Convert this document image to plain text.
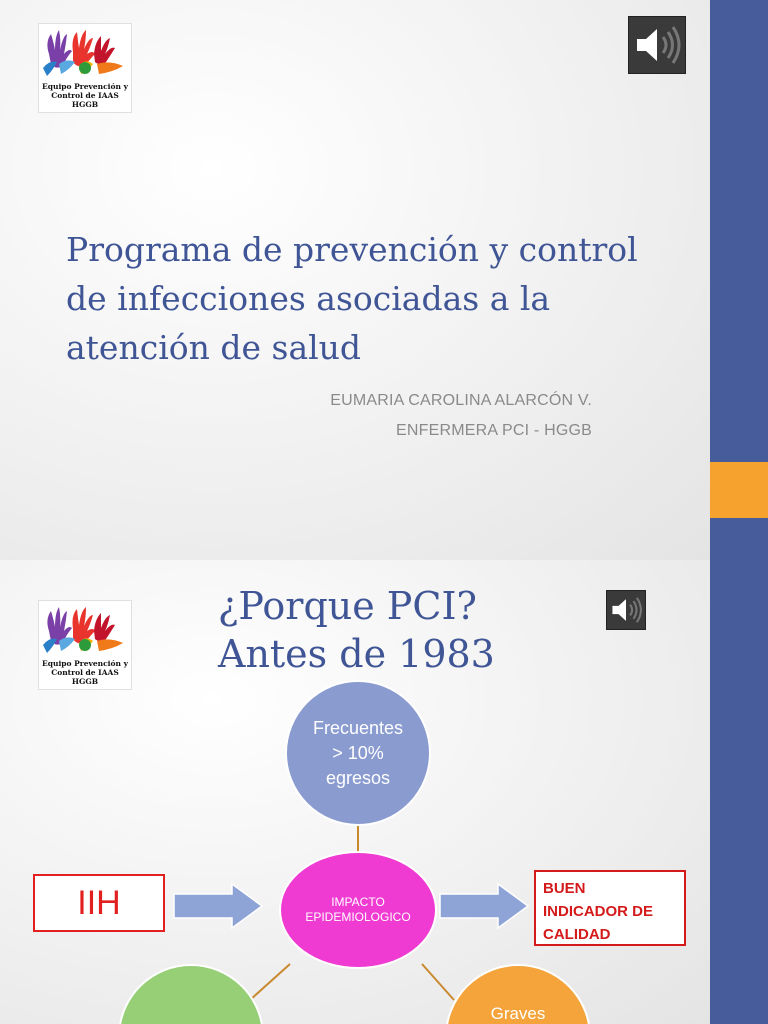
Equipo Prevención y
Control de IAAS HGGB
Programa de prevención y control de infecciones asociadas a la atención de salud
EUMARIA CAROLINA ALARCÓN V.
ENFERMERA PCI - HGGB
Equipo Prevención y
Control de IAAS HGGB
¿Porque PCI?
Antes de 1983
Frecuentes
> 10%
egresos
IMPACTO
EPIDEMIOLOGICO
Graves
IIH	BUEN
INDICADOR DE
CALIDAD
